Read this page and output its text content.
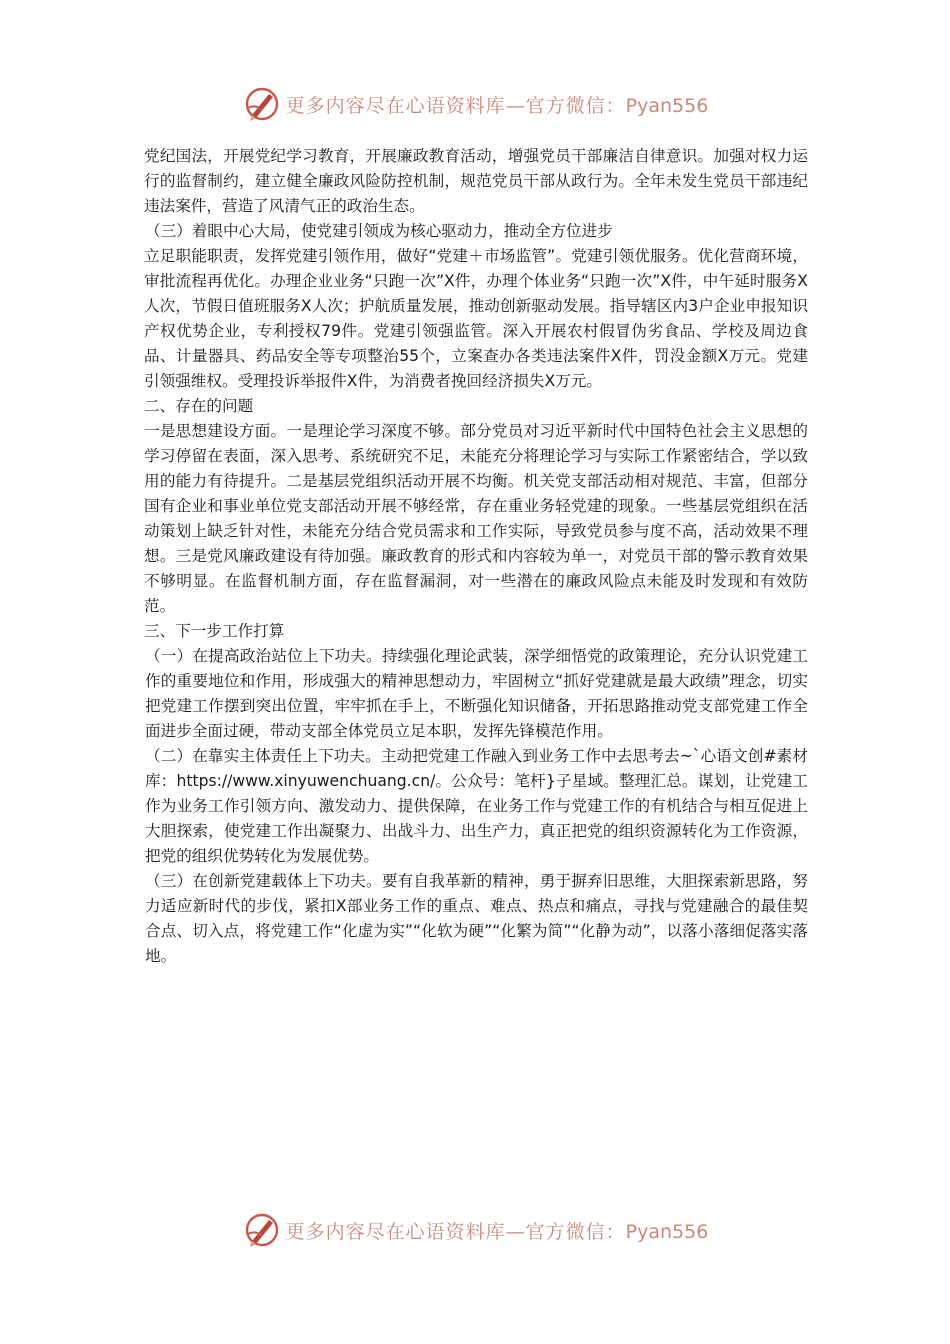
更多内容尽在心语资料库—官方微信：Pyan556

党纪国法，开展党纪学习教育，开展廉政教育活动，增强党员干部廉洁自律意识。加强对权力运行的监督制约，建立健全廉政风险防控机制，规范党员干部从政行为。全年未发生党员干部违纪违法案件，营造了风清气正的政治生态。

（三）着眼中心大局，使党建引领成为核心驱动力，推动全方位进步

立足职能职责，发挥党建引领作用，做好“党建＋市场监管”。党建引领优服务。优化营商环境，审批流程再优化。办理企业业务“只跑一次”X件，办理个体业务“只跑一次”X件，中午延时服务X人次，节假日值班服务X人次；护航质量发展，推动创新驱动发展。指导辖区内3户企业申报知识产权优势企业，专利授权79件。党建引领强监管。深入开展农村假冒伪劣食品、学校及周边食品、计量器具、药品安全等专项整治55个，立案查办各类违法案件X件，罚没金额X万元。党建引领强维权。受理投诉举报件X件，为消费者挽回经济损失X万元。

二、存在的问题

一是思想建设方面。一是理论学习深度不够。部分党员对习近平新时代中国特色社会主义思想的学习停留在表面，深入思考、系统研究不足，未能充分将理论学习与实际工作紧密结合，学以致用的能力有待提升。二是基层党组织活动开展不均衡。机关党支部活动相对规范、丰富，但部分国有企业和事业单位党支部活动开展不够经常，存在重业务轻党建的现象。一些基层党组织在活动策划上缺乏针对性，未能充分结合党员需求和工作实际，导致党员参与度不高，活动效果不理想。三是党风廉政建设有待加强。廉政教育的形式和内容较为单一，对党员干部的警示教育效果不够明显。在监督机制方面，存在监督漏洞，对一些潜在的廉政风险点未能及时发现和有效防范。

三、下一步工作打算

（一）在提高政治站位上下功夫。持续强化理论武装，深学细悟党的政策理论，充分认识党建工作的重要地位和作用，形成强大的精神思想动力，牢固树立“抓好党建就是最大政绩”理念，切实把党建工作摆到突出位置，牢牢抓在手上，不断强化知识储备，开拓思路推动党支部党建工作全面进步全面过硬，带动支部全体党员立足本职，发挥先锋模范作用。

（二）在靠实主体责任上下功夫。主动把党建工作融入到业务工作中去思考去~`心语文创#素材库：https://www.xinyuwenchuang.cn/。公众号：笔杆}子星域。整理汇总。谋划，让党建工作为业务工作引领方向、激发动力、提供保障，在业务工作与党建工作的有机结合与相互促进上大胆探索，使党建工作出凝聚力、出战斗力、出生产力，真正把党的组织资源转化为工作资源，把党的组织优势转化为发展优势。

（三）在创新党建载体上下功夫。要有自我革新的精神，勇于摒弃旧思维，大胆探索新思路，努力适应新时代的步伐，紧扣X部业务工作的重点、难点、热点和痛点，寻找与党建融合的最佳契合点、切入点，将党建工作“化虚为实”“化软为硬”“化繁为简”“化静为动”，以落小落细促落实落地。

更多内容尽在心语资料库—官方微信：Pyan556
